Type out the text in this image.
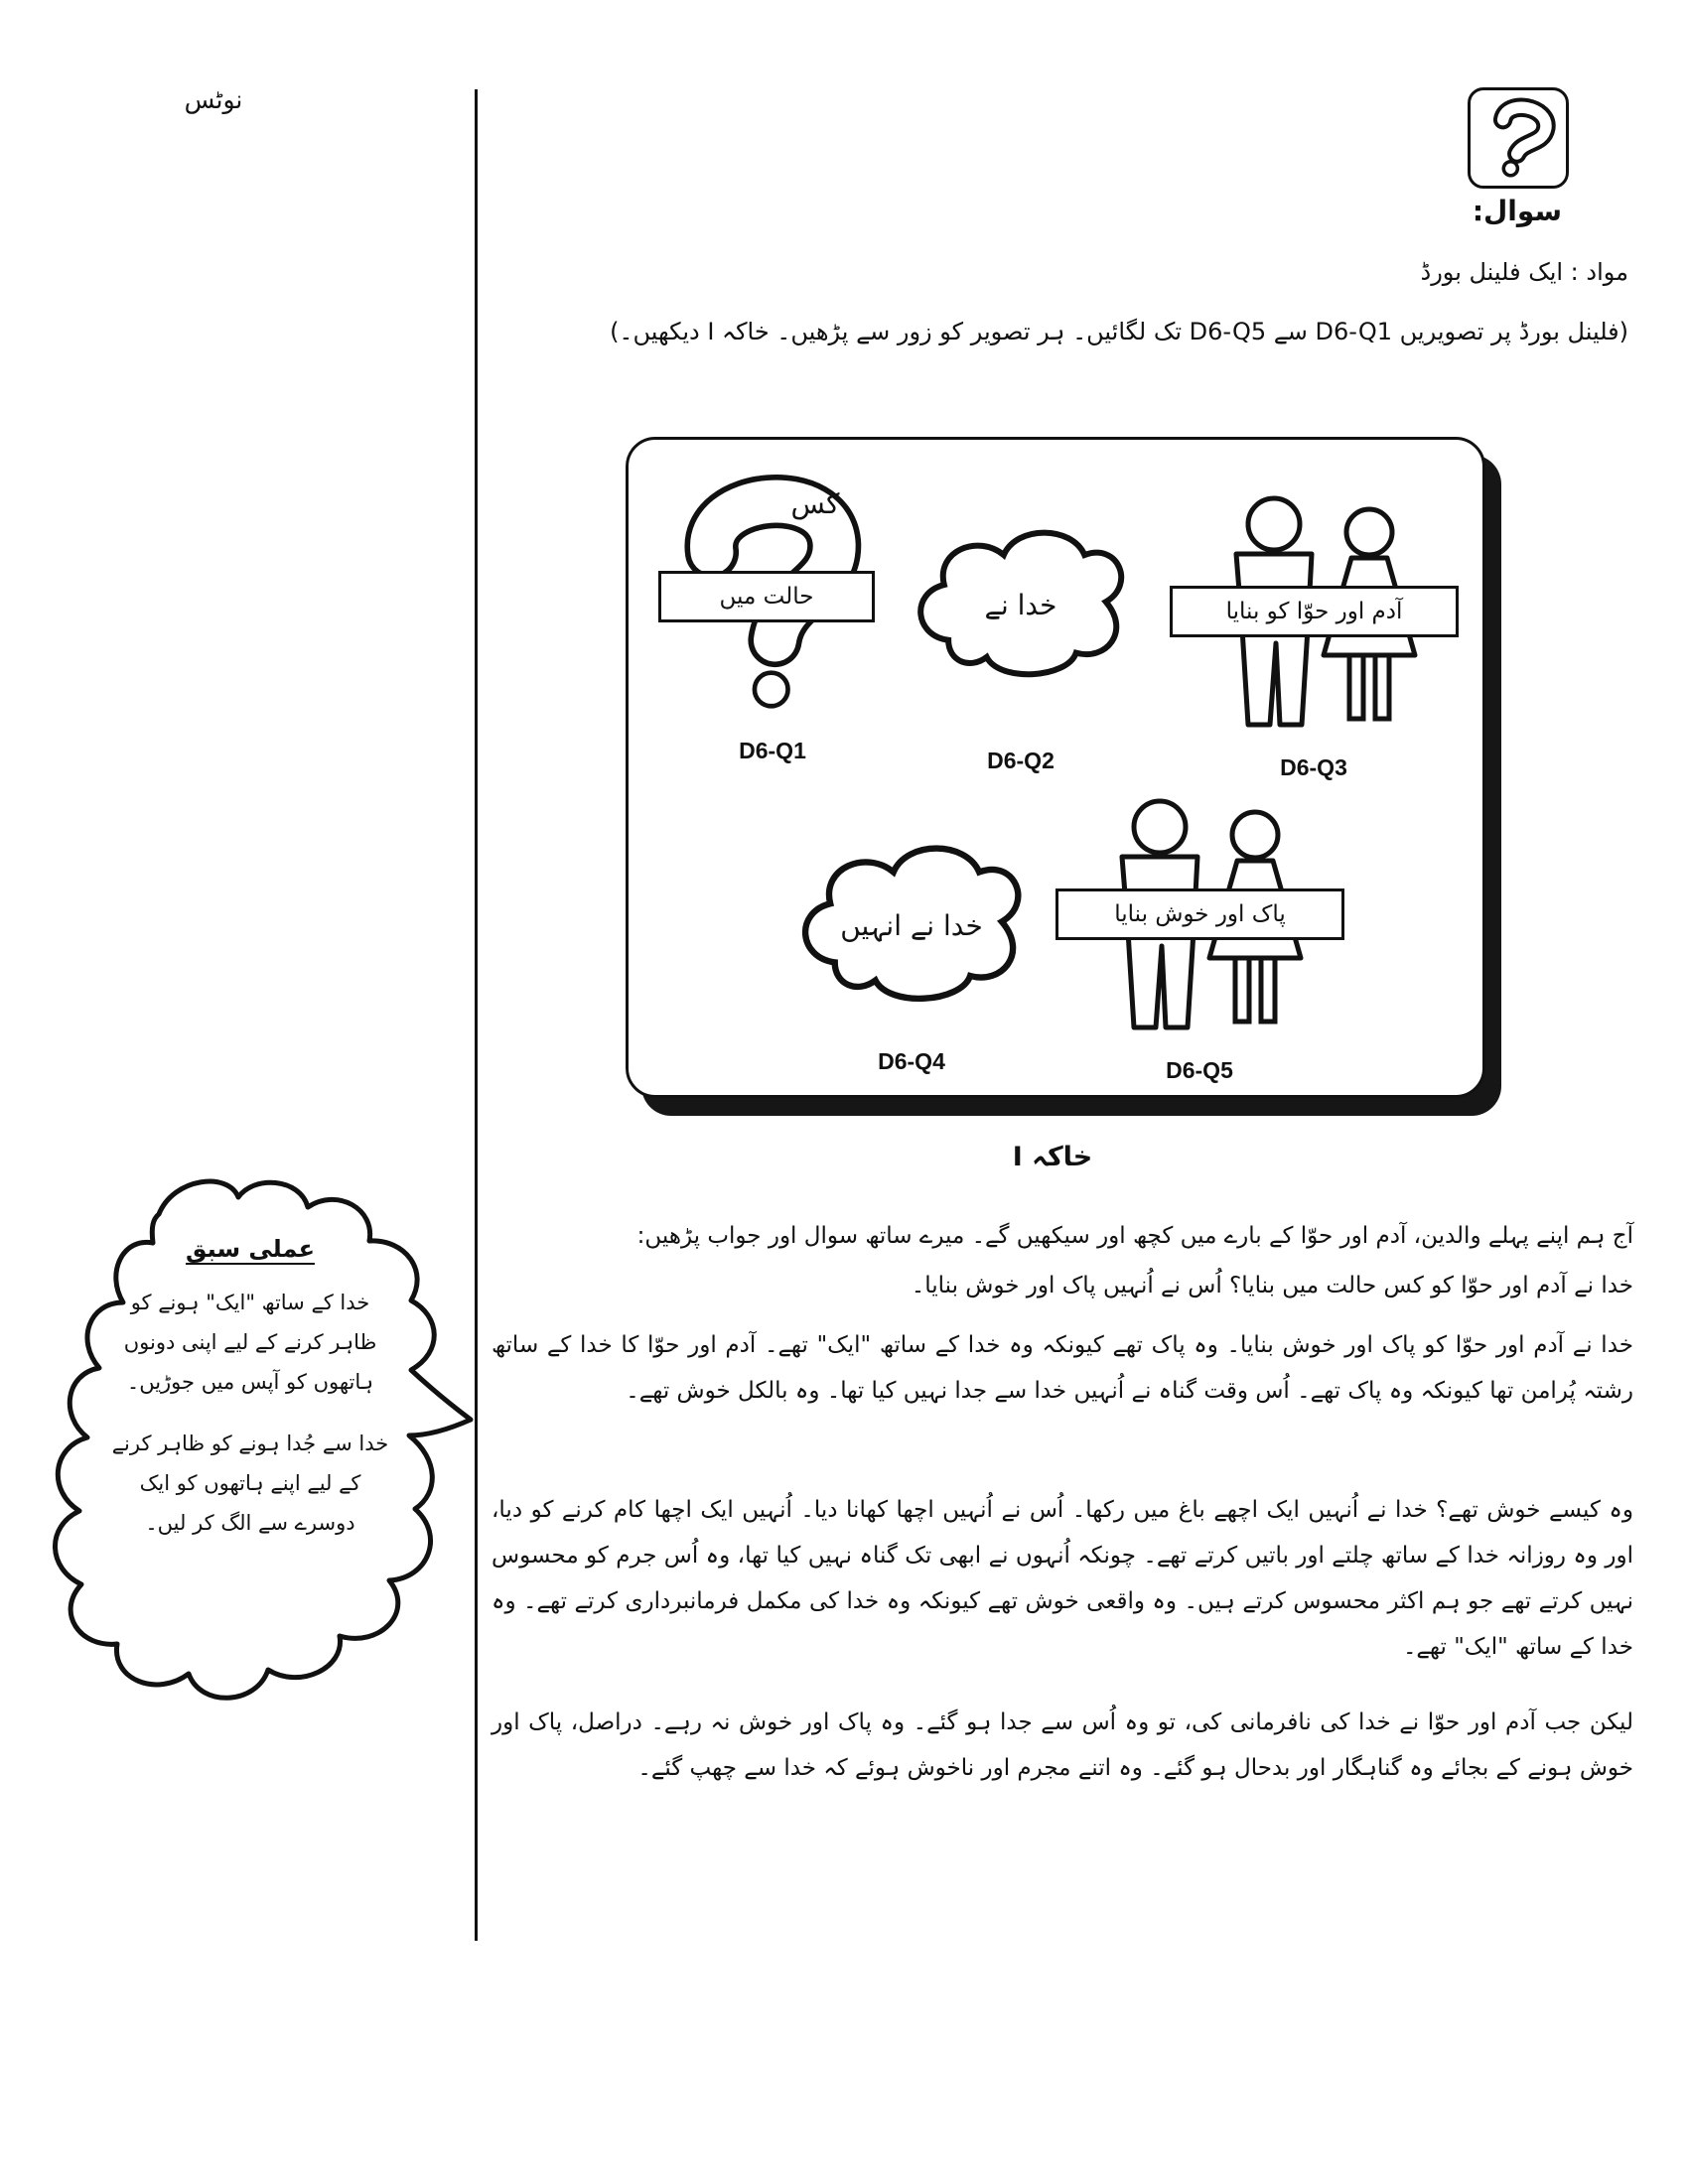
نوٹس
سوال:
مواد : ایک فلینل بورڈ
(فلینل بورڈ پر تصویریں D6-Q1 سے D6-Q5 تک لگائیں۔ ہر تصویر کو زور سے پڑھیں۔ خاکہ I دیکھیں۔)
کس
حالت میں
D6-Q1
خدا نے
D6-Q2
آدم اور حوّا کو بنایا
D6-Q3
خدا نے انہیں
D6-Q4
پاک اور خوش بنایا
D6-Q5
خاکہ I
آج ہم اپنے پہلے والدین، آدم اور حوّا کے بارے میں کچھ اور سیکھیں گے۔ میرے ساتھ سوال اور جواب پڑھیں:
خدا نے آدم اور حوّا کو کس حالت میں بنایا؟ اُس نے اُنہیں پاک اور خوش بنایا۔
خدا نے آدم اور حوّا کو پاک اور خوش بنایا۔ وہ پاک تھے کیونکہ وہ خدا کے ساتھ "ایک" تھے۔ آدم اور حوّا کا خدا کے ساتھ رشتہ پُرامن تھا کیونکہ وہ پاک تھے۔ اُس وقت گناہ نے اُنہیں خدا سے جدا نہیں کیا تھا۔ وہ بالکل خوش تھے۔
وہ کیسے خوش تھے؟ خدا نے اُنہیں ایک اچھے باغ میں رکھا۔ اُس نے اُنہیں اچھا کھانا دیا۔ اُنہیں ایک اچھا کام کرنے کو دیا، اور وہ روزانہ خدا کے ساتھ چلتے اور باتیں کرتے تھے۔ چونکہ اُنہوں نے ابھی تک گناہ نہیں کیا تھا، وہ اُس جرم کو محسوس نہیں کرتے تھے جو ہم اکثر محسوس کرتے ہیں۔ وہ واقعی خوش تھے کیونکہ وہ خدا کی مکمل فرمانبرداری کرتے تھے۔ وہ خدا کے ساتھ "ایک" تھے۔
لیکن جب آدم اور حوّا نے خدا کی نافرمانی کی، تو وہ اُس سے جدا ہو گئے۔ وہ پاک اور خوش نہ رہے۔ دراصل، پاک اور خوش ہونے کے بجائے وہ گناہگار اور بدحال ہو گئے۔ وہ اتنے مجرم اور ناخوش ہوئے کہ خدا سے چھپ گئے۔
عملی سبق
خدا کے ساتھ "ایک" ہونے کو ظاہر کرنے کے لیے اپنی دونوں ہاتھوں کو آپس میں جوڑیں۔
خدا سے جُدا ہونے کو ظاہر کرنے کے لیے اپنے ہاتھوں کو ایک دوسرے سے الگ کر لیں۔
